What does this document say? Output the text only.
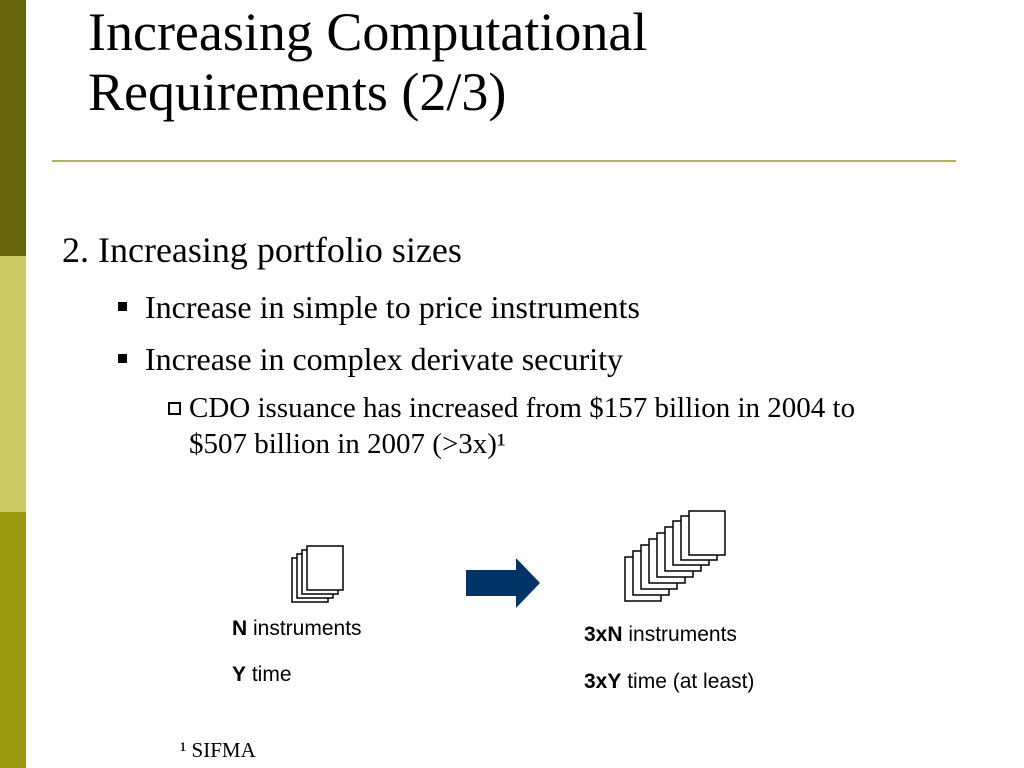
Increasing Computational
Requirements (2/3)
2. Increasing portfolio sizes
Increase in simple to price instruments
Increase in complex derivate security
CDO issuance has increased from $157 billion in 2004 to
$507 billion in 2007 (>3x)¹
N instruments
Y time
3xN instruments
3xY time (at least)
¹ SIFMA
